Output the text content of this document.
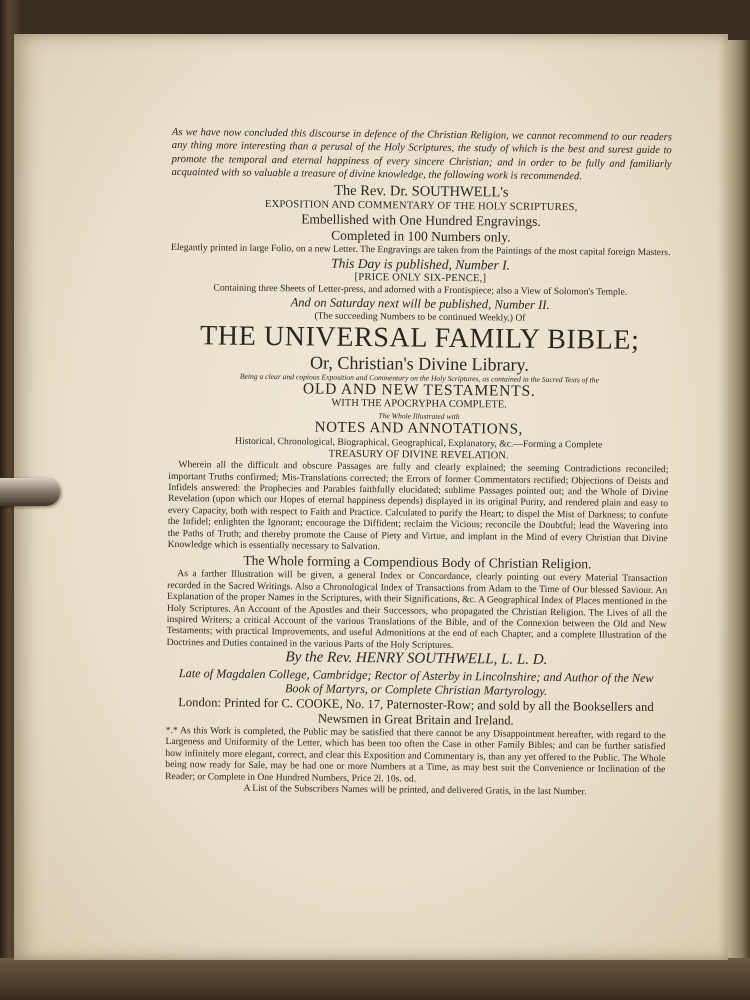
As we have now concluded this discourse in defence of the Christian Religion, we cannot recommend to our readers any thing more interesting than a perusal of the Holy Scriptures, the study of which is the best and surest guide to promote the temporal and eternal happiness of every sincere Christian; and in order to be fully and familiarly acquainted with so valuable a treasure of divine knowledge, the following work is recommended.

The Rev. Dr. SOUTHWELL's

EXPOSITION AND COMMENTARY OF THE HOLY SCRIPTURES,

Embellished with One Hundred Engravings.

Completed in 100 Numbers only.

Elegantly printed in large Folio, on a new Letter. The Engravings are taken from the Paintings of the most capital foreign Masters.

This Day is published, Number I.

[PRICE ONLY SIX-PENCE,]

Containing three Sheets of Letter-press, and adorned with a Frontispiece; also a View of Solomon's Temple.

And on Saturday next will be published, Number II.

(The succeeding Numbers to be continued Weekly,) Of

THE UNIVERSAL FAMILY BIBLE;

Or, Christian's Divine Library.

Being a clear and copious Exposition and Commentary on the Holy Scriptures, as contained in the Sacred Texts of the

OLD AND NEW TESTAMENTS.

WITH THE APOCRYPHA COMPLETE.

The Whole Illustrated with

NOTES AND ANNOTATIONS,

Historical, Chronological, Biographical, Geographical, Explanatory, &c.—Forming a Complete

TREASURY OF DIVINE REVELATION.

Wherein all the difficult and obscure Passages are fully and clearly explained; the seeming Contradictions reconciled; important Truths confirmed; Mis-Translations corrected; the Errors of former Commentators rectified; Objections of Deists and Infidels answered: the Prophecies and Parables faithfully elucidated; sublime Passages pointed out; and the Whole of Divine Revelation (upon which our Hopes of eternal happiness depends) displayed in its original Purity, and rendered plain and easy to every Capacity, both with respect to Faith and Practice. Calculated to purify the Heart; to dispel the Mist of Darkness; to confute the Infidel; enlighten the Ignorant; encourage the Diffident; reclaim the Vicious; reconcile the Doubtful; lead the Wavering into the Paths of Truth; and thereby promote the Cause of Piety and Virtue, and implant in the Mind of every Christian that Divine Knowledge which is essentially necessary to Salvation.

The Whole forming a Compendious Body of Christian Religion.

As a farther Illustration will be given, a general Index or Concordance, clearly pointing out every Material Transaction recorded in the Sacred Writings. Also a Chronological Index of Transactions from Adam to the Time of Our blessed Saviour. An Explanation of the proper Names in the Scriptures, with their Significations, &c. A Geographical Index of Places mentioned in the Holy Scriptures. An Account of the Apostles and their Successors, who propagated the Christian Religion. The Lives of all the inspired Writers; a critical Account of the various Translations of the Bible, and of the Connexion between the Old and New Testaments; with practical Improvements, and useful Admonitions at the end of each Chapter, and a complete Illustration of the Doctrines and Duties contained in the various Parts of the Holy Scriptures.

By the Rev. HENRY SOUTHWELL, L. L. D.

Late of Magdalen College, Cambridge; Rector of Asterby in Lincolnshire; and Author of the New Book of Martyrs, or Complete Christian Martyrology.

London: Printed for C. COOKE, No. 17, Paternoster-Row; and sold by all the Booksellers and Newsmen in Great Britain and Ireland.

*.* As this Work is completed, the Public may be satisfied that there cannot be any Disappointment hereafter, with regard to the Largeness and Uniformity of the Letter, which has been too often the Case in other Family Bibles; and can be further satisfied how infinitely more elegant, correct, and clear this Exposition and Commentary is, than any yet offered to the Public. The Whole being now ready for Sale, may be had one or more Numbers at a Time, as may best suit the Convenience or Inclination of the Reader; or Complete in One Hundred Numbers, Price 2l. 10s. od.

A List of the Subscribers Names will be printed, and delivered Gratis, in the last Number.
